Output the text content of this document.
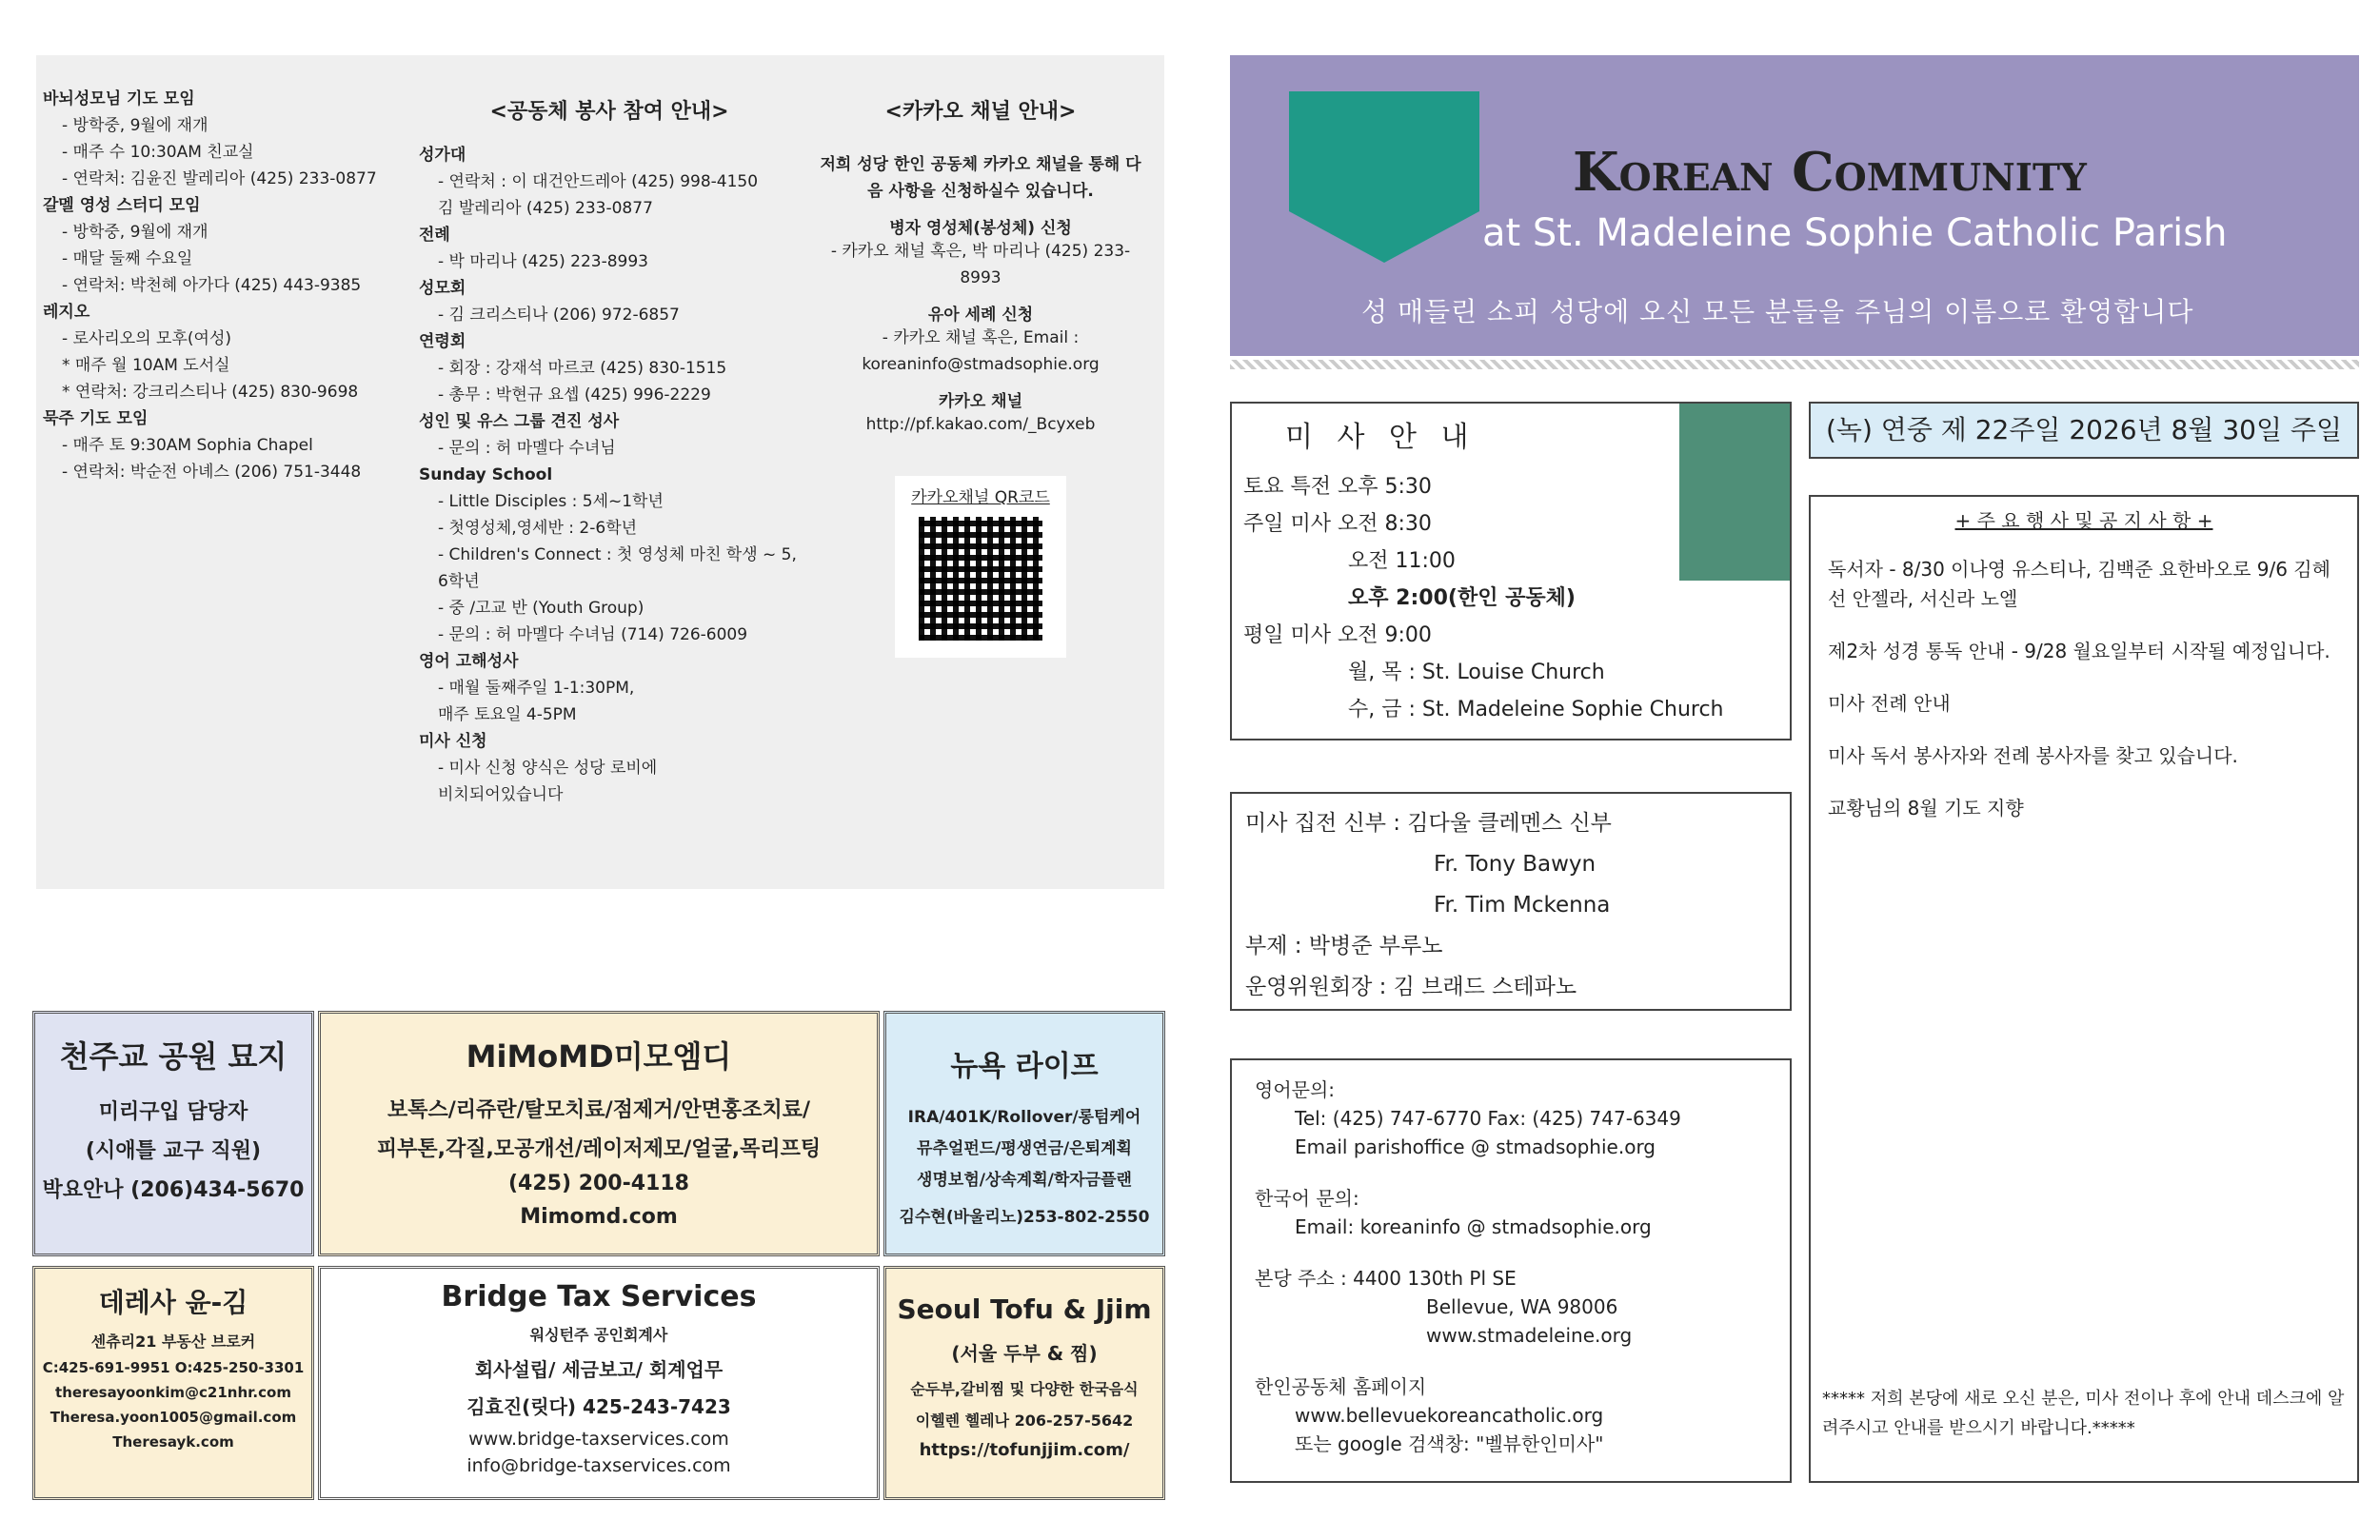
바뇌성모님 기도 모임
- 방학중, 9월에 재개
- 매주 수 10:30AM 친교실
- 연락처: 김윤진 발레리아 (425) 233-0877
갈멜 영성 스터디 모임
- 방학중, 9월에 재개
- 매달 둘째 수요일
- 연락처: 박천혜 아가다 (425) 443-9385
레지오
- 로사리오의 모후(여성)
* 매주 월 10AM 도서실
* 연락처: 강크리스티나 (425) 830-9698
묵주 기도 모임
- 매주 토 9:30AM Sophia Chapel
- 연락처: 박순전 아녜스 (206) 751-3448
<공동체 봉사 참여 안내>
성가대
- 연락처 : 이 대건안드레아 (425) 998-4150
김 발레리아 (425) 233-0877
전례
- 박 마리나 (425) 223-8993
성모회
- 김 크리스티나 (206) 972-6857
연령회
- 회장 : 강재석 마르코 (425) 830-1515
- 총무 : 박현규 요셉 (425) 996-2229
성인 및 유스 그룹 견진 성사
- 문의 : 허 마멜다 수녀님
Sunday School
- Little Disciples : 5세~1학년
- 첫영성체,영세반 : 2-6학년
- Children's Connect : 첫 영성체 마친 학생 ~ 5, 6학년
- 중 /고교 반 (Youth Group)
- 문의 : 허 마멜다 수녀님 (714) 726-6009
영어 고해성사
- 매월 둘째주일 1-1:30PM,
매주 토요일 4-5PM
미사 신청
- 미사 신청 양식은 성당 로비에
비치되어있습니다
<카카오 채널 안내>
저희 성당 한인 공동체 카카오 채널을 통해 다음 사항을 신청하실수 있습니다.
병자 영성체(봉성체) 신청
- 카카오 채널 혹은, 박 마리나 (425) 233-8993
유아 세례 신청
- 카카오 채널 혹은, Email : koreaninfo@stmadsophie.org
카카오 채널
http://pf.kakao.com/_Bcyxeb
카카오채널 QR코드
천주교 공원 묘지
미리구입 담당자
(시애틀 교구 직원)
박요안나 (206)434-5670
MiMoMD미모엠디
보톡스/리쥬란/탈모치료/점제거/안면홍조치료/
피부톤,각질,모공개선/레이저제모/얼굴,목리프팅
(425) 200-4118
Mimomd.com
뉴욕 라이프
IRA/401K/Rollover/롱텀케어
뮤추얼펀드/평생연금/은퇴계획
생명보험/상속계획/학자금플랜
김수현(바울리노)253-802-2550
데레사 윤-김
센츄리21 부동산 브로커
C:425-691-9951 O:425-250-3301
theresayoonkim@c21nhr.com
Theresa.yoon1005@gmail.com
Theresayk.com
Bridge Tax Services
워싱턴주 공인회계사
회사설립/ 세금보고/ 회계업무
김효진(릿다) 425-243-7423
www.bridge-taxservices.com
info@bridge-taxservices.com
Seoul Tofu & Jjim
(서울 두부 & 찜)
순두부,갈비찜 및 다양한 한국음식
이헬렌 헬레나 206-257-5642
https://tofunjjim.com/
Korean Community
at St. Madeleine Sophie Catholic Parish
성 매들린 소피 성당에 오신 모든 분들을 주님의 이름으로 환영합니다
미 사 안 내
토요 특전 오후 5:30
주일 미사 오전 8:30
오전 11:00
오후 2:00(한인 공동체)
평일 미사 오전 9:00
월, 목 : St. Louise Church
수, 금 : St. Madeleine Sophie Church
미사 집전 신부 : 김다울 클레멘스 신부
Fr. Tony Bawyn
Fr. Tim Mckenna
부제 : 박병준 부루노
운영위원회장 : 김 브래드 스테파노
영어문의:
Tel: (425) 747-6770 Fax: (425) 747-6349
Email parishoffice @ stmadsophie.org
한국어 문의:
Email: koreaninfo @ stmadsophie.org
본당 주소 : 4400 130th Pl SE
Bellevue, WA 98006
www.stmadeleine.org
한인공동체 홈페이지
www.bellevuekoreancatholic.org
또는 google 검색창: "벨뷰한인미사"
(녹) 연중 제 22주일 2026년 8월 30일 주일
+ 주 요 행 사 및 공 지 사 항 +
독서자 - 8/30 이나영 유스티나, 김백준 요한바오로 9/6 김혜선 안젤라, 서신라 노엘
제2차 성경 통독 안내 - 9/28 월요일부터 시작될 예정입니다.
미사 전례 안내
미사 독서 봉사자와 전례 봉사자를 찾고 있습니다.
교황님의 8월 기도 지향
***** 저희 본당에 새로 오신 분은, 미사 전이나 후에 안내 데스크에 알려주시고 안내를 받으시기 바랍니다.*****
